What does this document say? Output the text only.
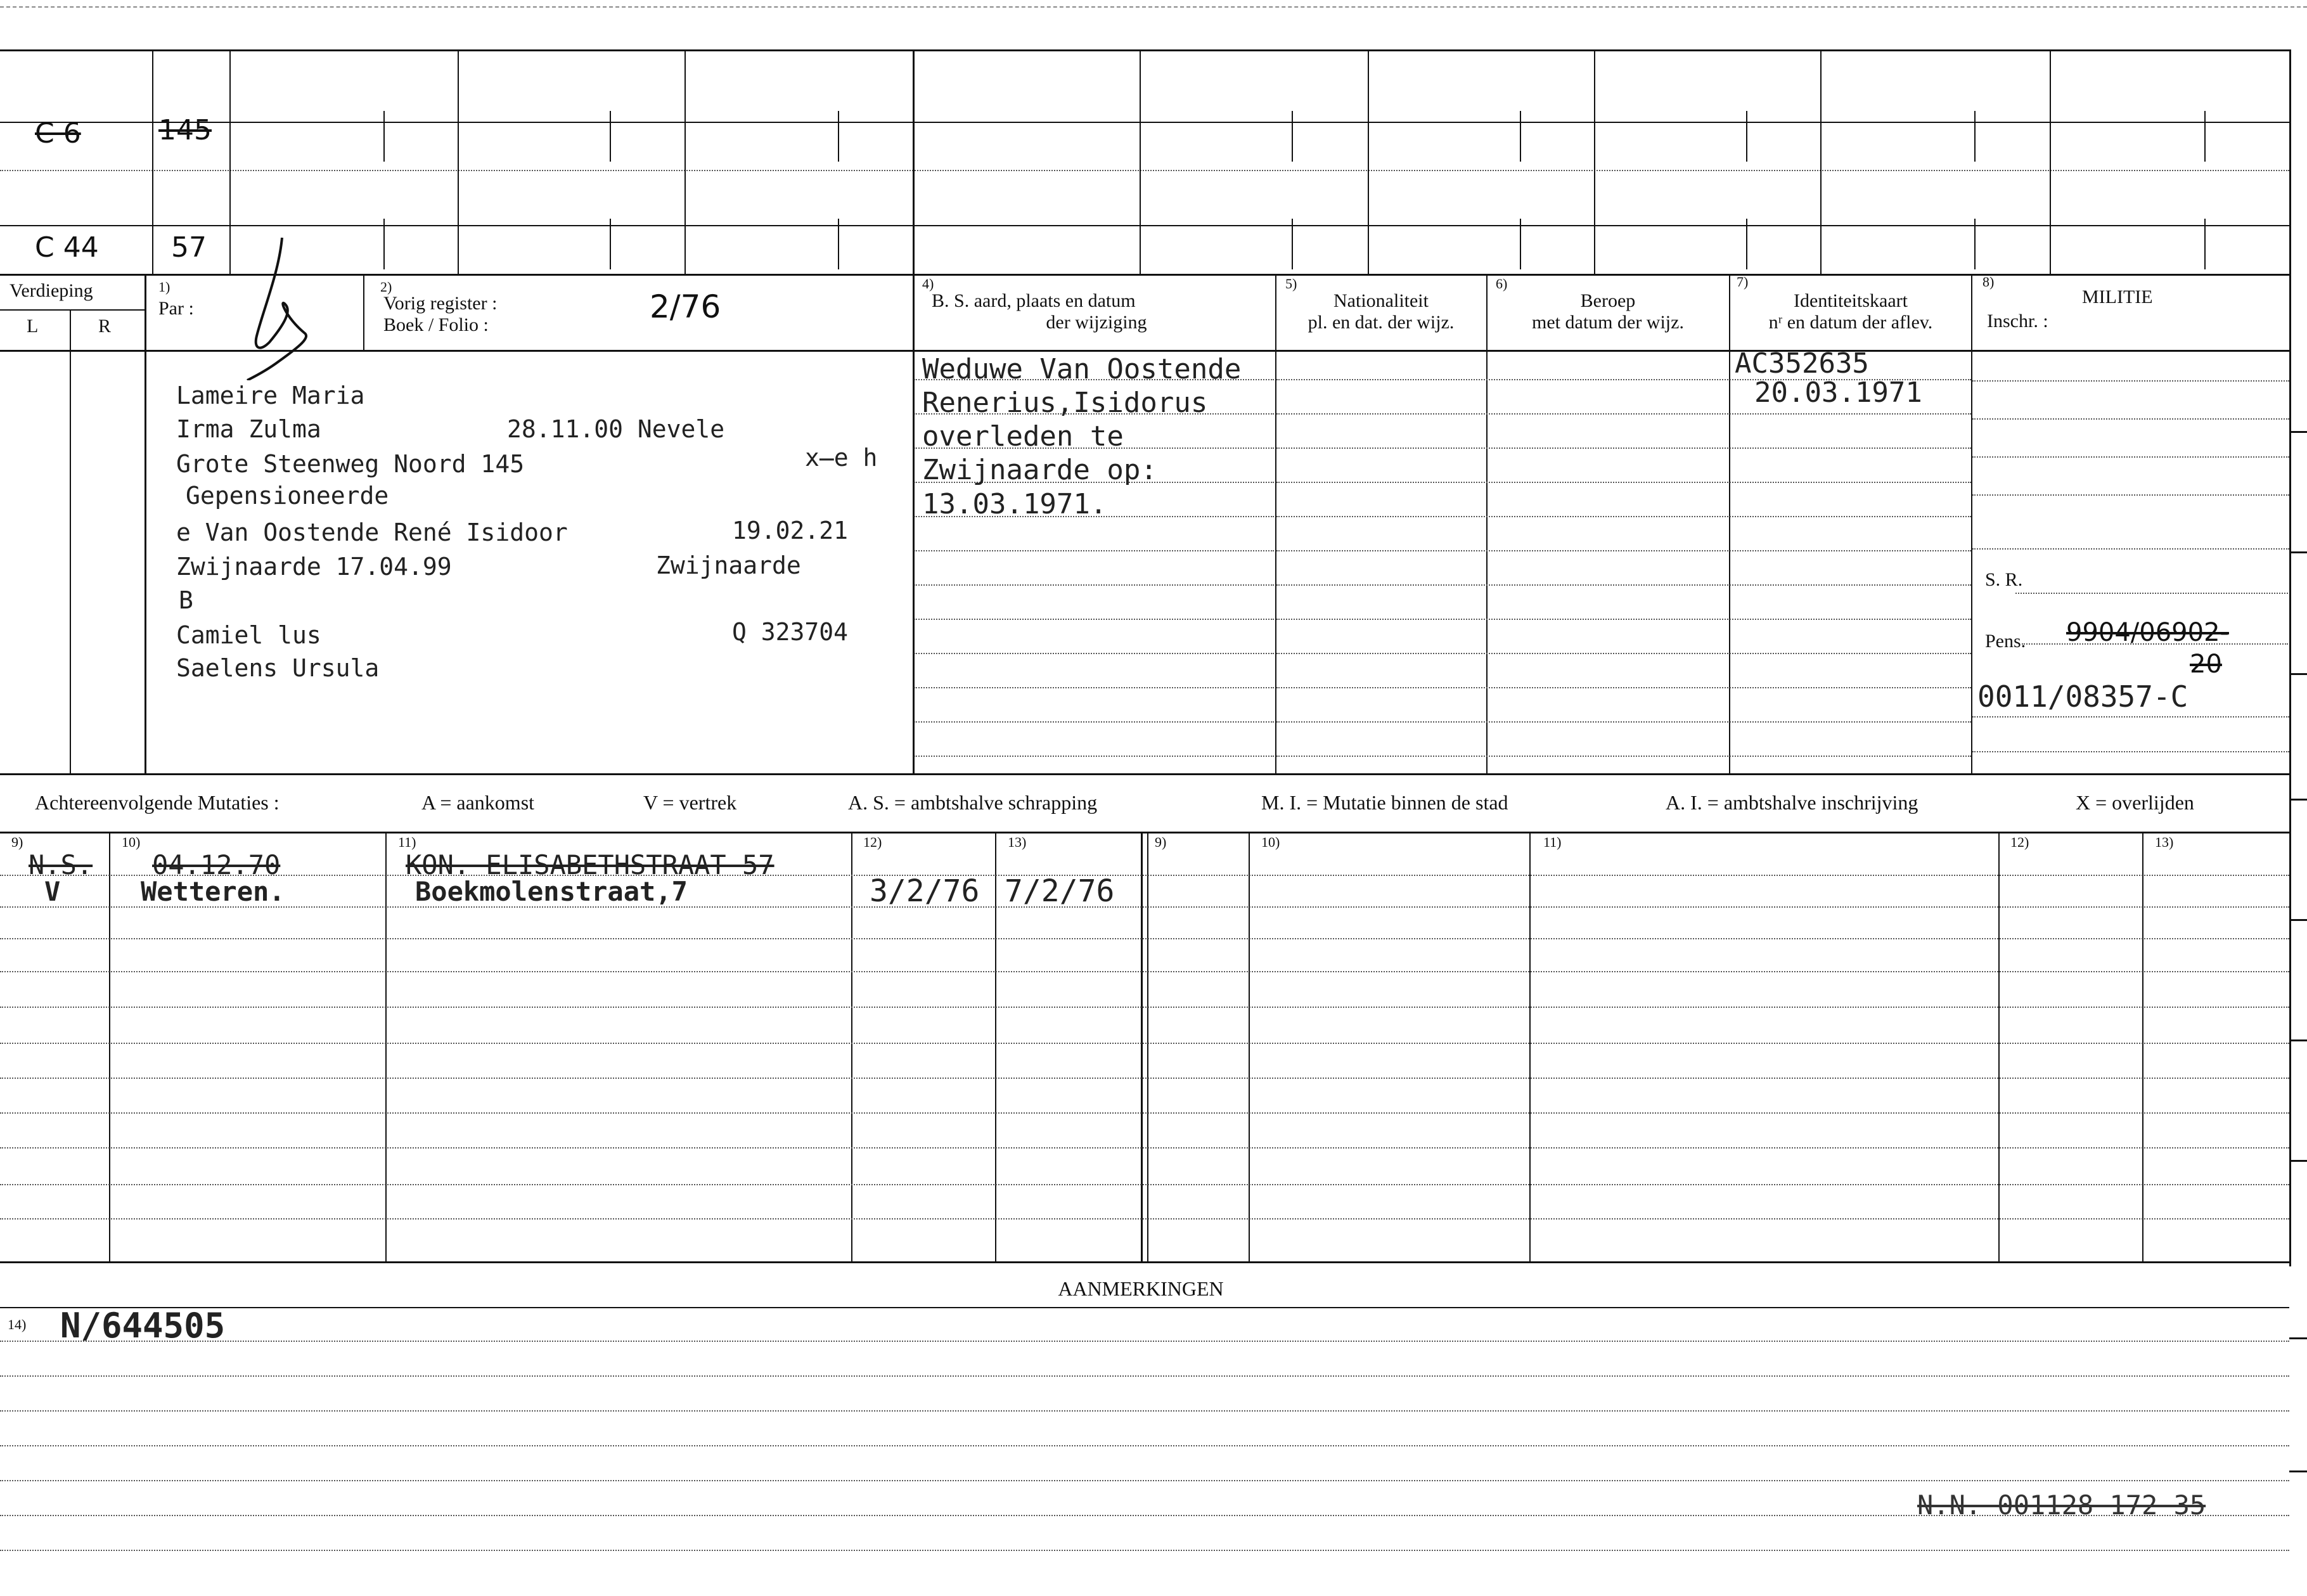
C 6	145
C 44	57
Verdieping
L	R
1)
Par :
2)
Vorig register :
Boek / Folio :	2/76
4)
B. S. aard, plaats en datum
der wijziging
5)
Nationaliteit
pl. en dat. der wijz.
6)
Beroep
met datum der wijz.
7)
Identiteitskaart
nʳ en datum der aflev.
8)
MILITIE
Inschr. :
Lameire Maria
Irma Zulma	28.11.00 Nevele
Grote Steenweg Noord 145	x̶e h
Gepensioneerde
e Van Oostende René Isidoor	19.02.21
Zwijnaarde 17.04.99	Zwijnaarde
B
Camiel lus	Q 323704
Saelens Ursula
Weduwe Van Oostende
Renerius,Isidorus
overleden te
Zwijnaarde op:
13.03.1971.
AC352635
20.03.1971
S. R.
Pens. 9904/06902-
20
0011/08357-C
Achtereenvolgende Mutaties :	A = aankomst	V = vertrek	A. S. = ambtshalve schrapping	M. I. = Mutatie binnen de stad	A. I. = ambtshalve inschrijving	X = overlijden
9)	10)	11)	12)	13)	9)	10)	11)	12)	13)
N.S. 04.12.70	KON. ELISABETHSTRAAT 57
V	Wetteren.	Boekmolenstraat,7	3/2/76 7/2/76
AANMERKINGEN
14) N/644505
N.N. 001128 172 35
